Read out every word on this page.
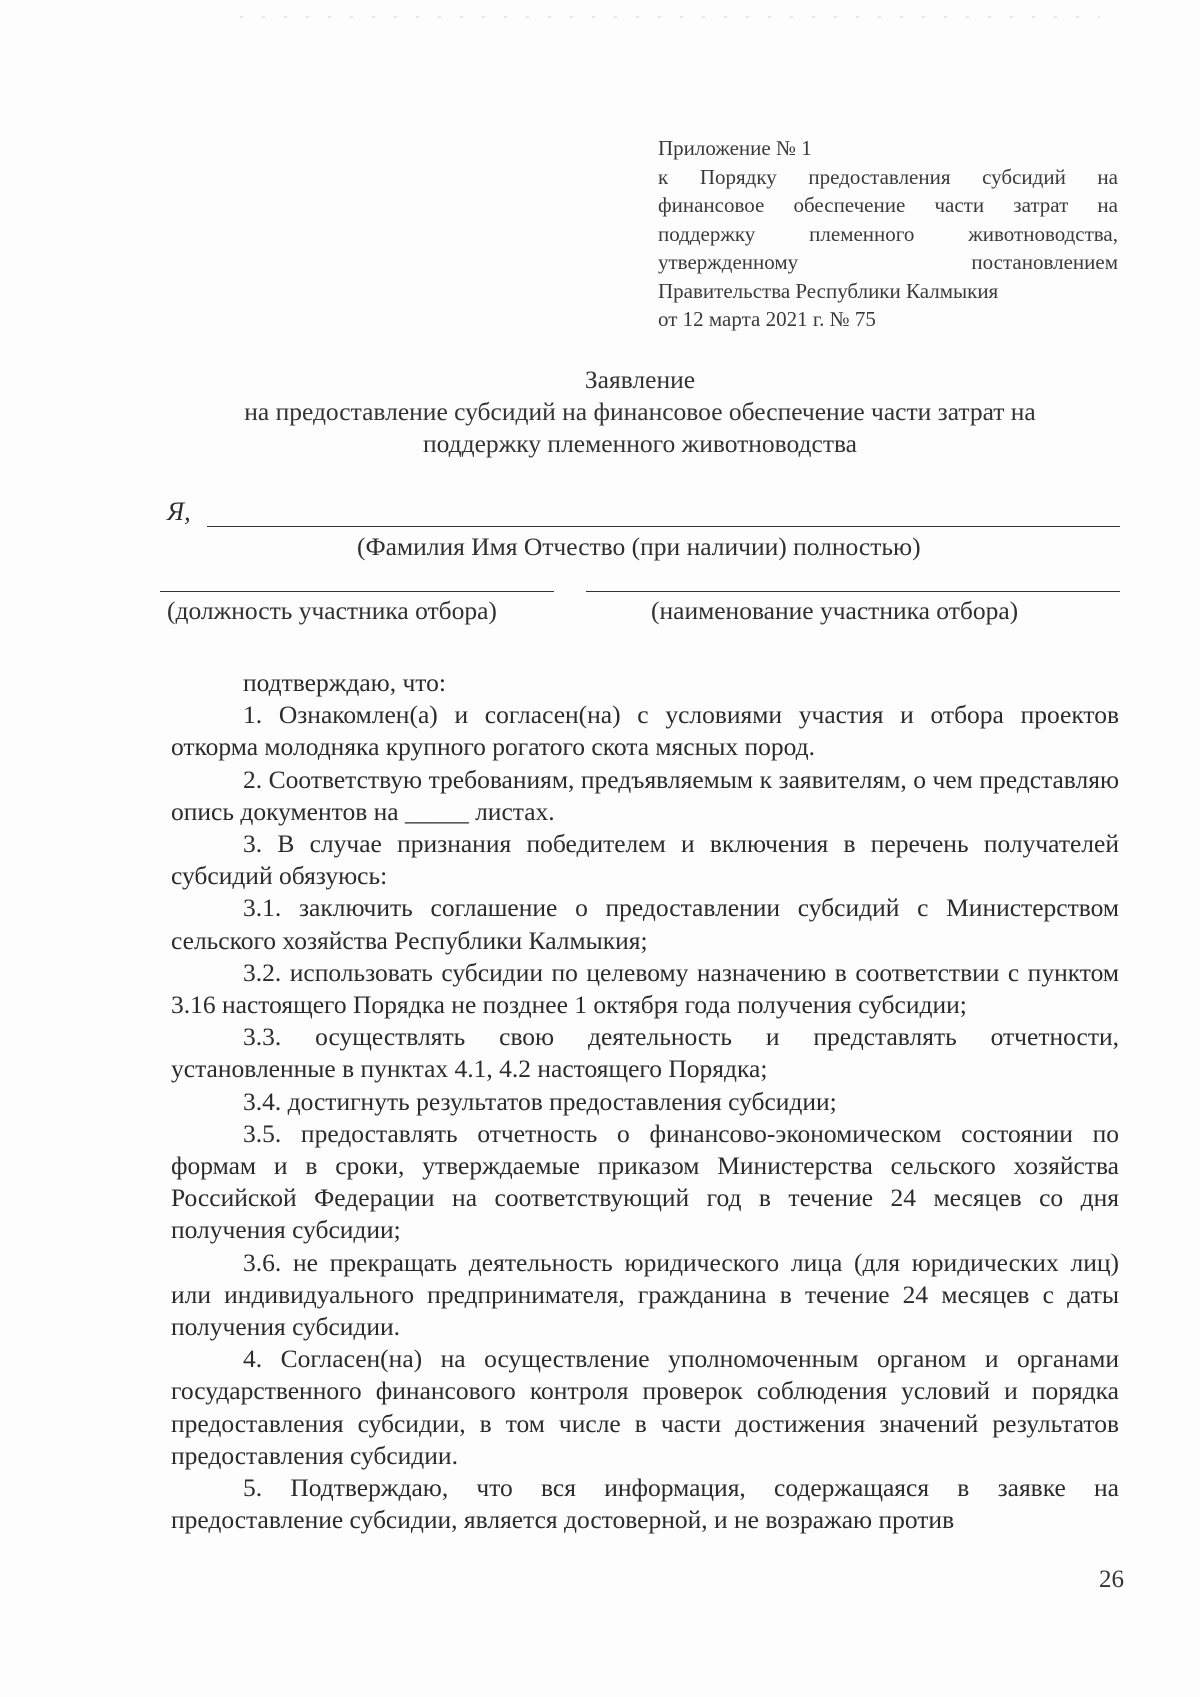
Приложение № 1
к Порядку предоставления субсидий на
финансовое обеспечение части затрат на
поддержку племенного животноводства,
утвержденному постановлением
Правительства Республики Калмыкия
от 12 марта 2021 г. № 75
Заявление
на предоставление субсидий на финансовое обеспечение части затрат на
поддержку племенного животноводства
Я,
(Фамилия Имя Отчество (при наличии) полностью)
(должность участника отбора)	(наименование участника отбора)

подтверждаю, что:

1. Ознакомлен(а) и согласен(на) с условиями участия и отбора проектов откорма молодняка крупного рогатого скота мясных пород.

2. Соответствую требованиям, предъявляемым к заявителям, о чем представляю опись документов на _____ листах.

3. В случае признания победителем и включения в перечень получателей субсидий обязуюсь:

3.1. заключить соглашение о предоставлении субсидий с Министерством сельского хозяйства Республики Калмыкия;

3.2. использовать субсидии по целевому назначению в соответствии с пунктом 3.16 настоящего Порядка не позднее 1 октября года получения субсидии;

3.3. осуществлять свою деятельность и представлять отчетности, установленные в пунктах 4.1, 4.2 настоящего Порядка;

3.4. достигнуть результатов предоставления субсидии;

3.5. предоставлять отчетность о финансово-экономическом состоянии по формам и в сроки, утверждаемые приказом Министерства сельского хозяйства Российской Федерации на соответствующий год в течение 24 месяцев со дня получения субсидии;

3.6. не прекращать деятельность юридического лица (для юридических лиц) или индивидуального предпринимателя, гражданина в течение 24 месяцев с даты получения субсидии.

4. Согласен(на) на осуществление уполномоченным органом и органами государственного финансового контроля проверок соблюдения условий и порядка предоставления субсидии, в том числе в части достижения значений результатов предоставления субсидии.

5. Подтверждаю, что вся информация, содержащаяся в заявке на предоставление субсидии, является достоверной, и не возражаю против

26
